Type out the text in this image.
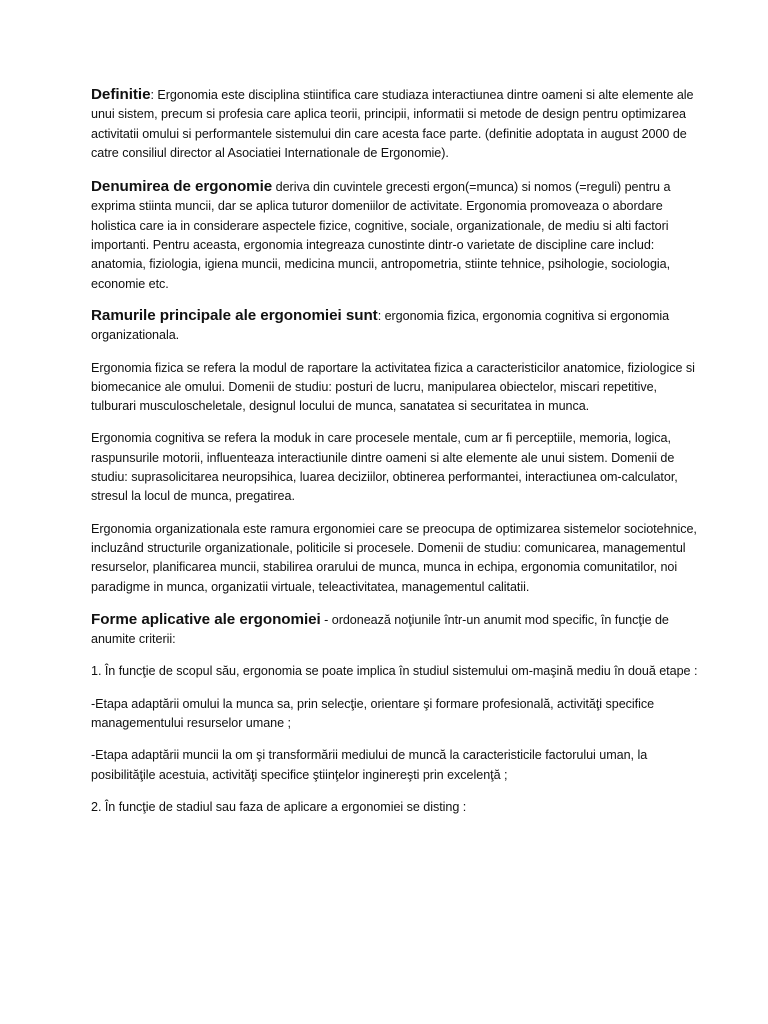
Definitie: Ergonomia este disciplina stiintifica care studiaza interactiunea dintre oameni si alte elemente ale unui sistem, precum si profesia care aplica teorii, principii, informatii si metode de design pentru optimizarea activitatii omului si performantele sistemului din care acesta face parte. (definitie adoptata in august 2000 de catre consiliul director al Asociatiei Internationale de Ergonomie).

Denumirea de ergonomie deriva din cuvintele grecesti ergon(=munca) si nomos (=reguli) pentru a exprima stiinta muncii, dar se aplica tuturor domeniilor de activitate. Ergonomia promoveaza o abordare holistica care ia in considerare aspectele fizice, cognitive, sociale, organizationale, de mediu si alti factori importanti. Pentru aceasta, ergonomia integreaza cunostinte dintr-o varietate de discipline care includ: anatomia, fiziologia, igiena muncii, medicina muncii, antropometria, stiinte tehnice, psihologie, sociologia, economie etc.

Ramurile principale ale ergonomiei sunt: ergonomia fizica, ergonomia cognitiva si ergonomia organizationala.

Ergonomia fizica se refera la modul de raportare la activitatea fizica a caracteristicilor anatomice, fiziologice si biomecanice ale omului. Domenii de studiu: posturi de lucru, manipularea obiectelor, miscari repetitive, tulburari musculoscheletale, designul locului de munca, sanatatea si securitatea in munca.

Ergonomia cognitiva se refera la moduk in care procesele mentale, cum ar fi perceptiile, memoria, logica, raspunsurile motorii, influenteaza interactiunile dintre oameni si alte elemente ale unui sistem. Domenii de studiu: suprasolicitarea neuropsihica, luarea deciziilor, obtinerea performantei, interactiunea om-calculator, stresul la locul de munca, pregatirea.

Ergonomia organizationala este ramura ergonomiei care se preocupa de optimizarea sistemelor sociotehnice, incluzând structurile organizationale, politicile si procesele. Domenii de studiu: comunicarea, managementul resurselor, planificarea muncii, stabilirea orarului de munca, munca in echipa, ergonomia comunitatilor, noi paradigme in munca, organizatii virtuale, teleactivitatea, managementul calitatii.

Forme aplicative ale ergonomiei - ordonează noţiunile într-un anumit mod specific, în funcţie de anumite criterii:

1. În funcţie de scopul său, ergonomia se poate implica în studiul sistemului om-maşină mediu în două etape :

-Etapa adaptării omului la munca sa, prin selecţie, orientare şi formare profesională, activităţi specifice managementului resurselor umane ;

-Etapa adaptării muncii la om şi transformării mediului de muncă la caracteristicile factorului uman, la posibilităţile acestuia, activităţi specifice ştiinţelor inginereşti prin excelenţă ;

2. În funcţie de stadiul sau faza de aplicare a ergonomiei se disting :
